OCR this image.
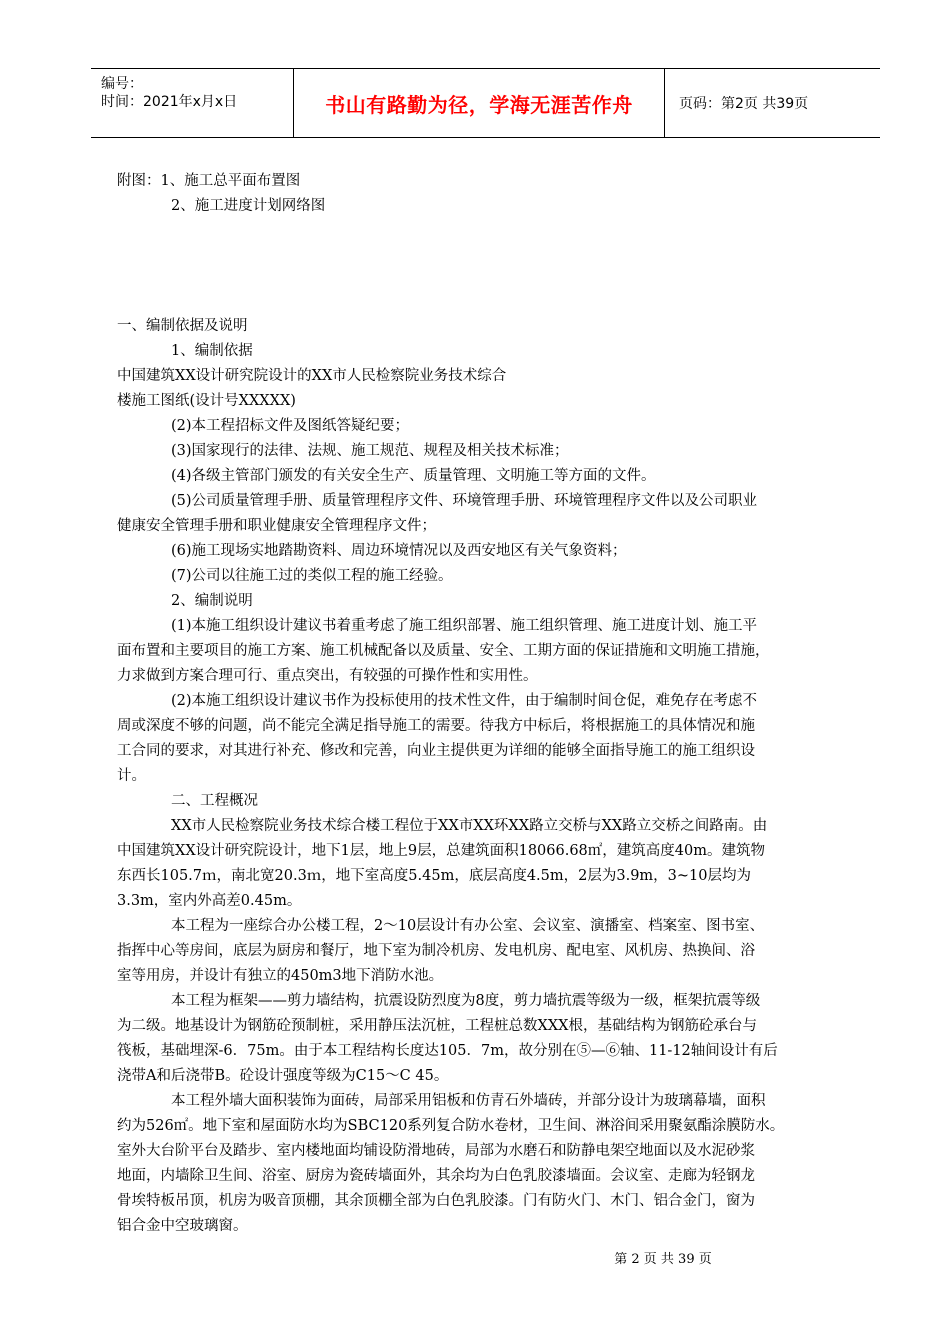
编号：
时间：2021年x月x日	书山有路勤为径，学海无涯苦作舟	页码：第2页 共39页
附图：1、施工总平面布置图
2、施工进度计划网络图
一、编制依据及说明
1、编制依据
中国建筑XX设计研究院设计的XX市人民检察院业务技术综合
楼施工图纸(设计号XXXXX)
(2)本工程招标文件及图纸答疑纪要；
(3)国家现行的法律、法规、施工规范、规程及相关技术标准；
(4)各级主管部门颁发的有关安全生产、质量管理、文明施工等方面的文件。
(5)公司质量管理手册、质量管理程序文件、环境管理手册、环境管理程序文件以及公司职业
健康安全管理手册和职业健康安全管理程序文件；
(6)施工现场实地踏勘资料、周边环境情况以及西安地区有关气象资料；
(7)公司以往施工过的类似工程的施工经验。
2、编制说明
(1)本施工组织设计建议书着重考虑了施工组织部署、施工组织管理、施工进度计划、施工平
面布置和主要项目的施工方案、施工机械配备以及质量、安全、工期方面的保证措施和文明施工措施，
力求做到方案合理可行、重点突出，有较强的可操作性和实用性。
(2)本施工组织设计建议书作为投标使用的技术性文件，由于编制时间仓促，难免存在考虑不
周或深度不够的问题，尚不能完全满足指导施工的需要。待我方中标后，将根据施工的具体情况和施
工合同的要求，对其进行补充、修改和完善，向业主提供更为详细的能够全面指导施工的施工组织设
计。
二、工程概况
XX市人民检察院业务技术综合楼工程位于XX市XX环XX路立交桥与XX路立交桥之间路南。由
中国建筑XX设计研究院设计，地下1层，地上9层，总建筑面积18066.68㎡，建筑高度40m。建筑物
东西长105.7ｍ，南北宽20.3ｍ，地下室高度5.45m，底层高度4.5m，2层为3.9m，3~10层均为
3.3m，室内外高差0.45m。
本工程为一座综合办公楼工程，2～10层设计有办公室、会议室、演播室、档案室、图书室、
指挥中心等房间，底层为厨房和餐厅，地下室为制冷机房、发电机房、配电室、风机房、热换间、浴
室等用房，并设计有独立的450m3地下消防水池。
本工程为框架——剪力墙结构，抗震设防烈度为8度，剪力墙抗震等级为一级，框架抗震等级
为二级。地基设计为钢筋砼预制桩，采用静压法沉桩，工程桩总数XXX根，基础结构为钢筋砼承台与
筏板，基础埋深-6．75m。由于本工程结构长度达105．7m，故分别在⑤—⑥轴、11-12轴间设计有后
浇带A和后浇带B。砼设计强度等级为C15～C 45。
本工程外墙大面积装饰为面砖，局部采用铝板和仿青石外墙砖，并部分设计为玻璃幕墙，面积
约为526㎡。地下室和屋面防水均为SBC120系列复合防水卷材，卫生间、淋浴间采用聚氨酯涂膜防水。
室外大台阶平台及踏步、室内楼地面均铺设防滑地砖，局部为水磨石和防静电架空地面以及水泥砂浆
地面，内墙除卫生间、浴室、厨房为瓷砖墙面外，其余均为白色乳胶漆墙面。会议室、走廊为轻钢龙
骨埃特板吊顶，机房为吸音顶棚，其余顶棚全部为白色乳胶漆。门有防火门、木门、铝合金门，窗为
铝合金中空玻璃窗。
第 2 页 共 39 页
